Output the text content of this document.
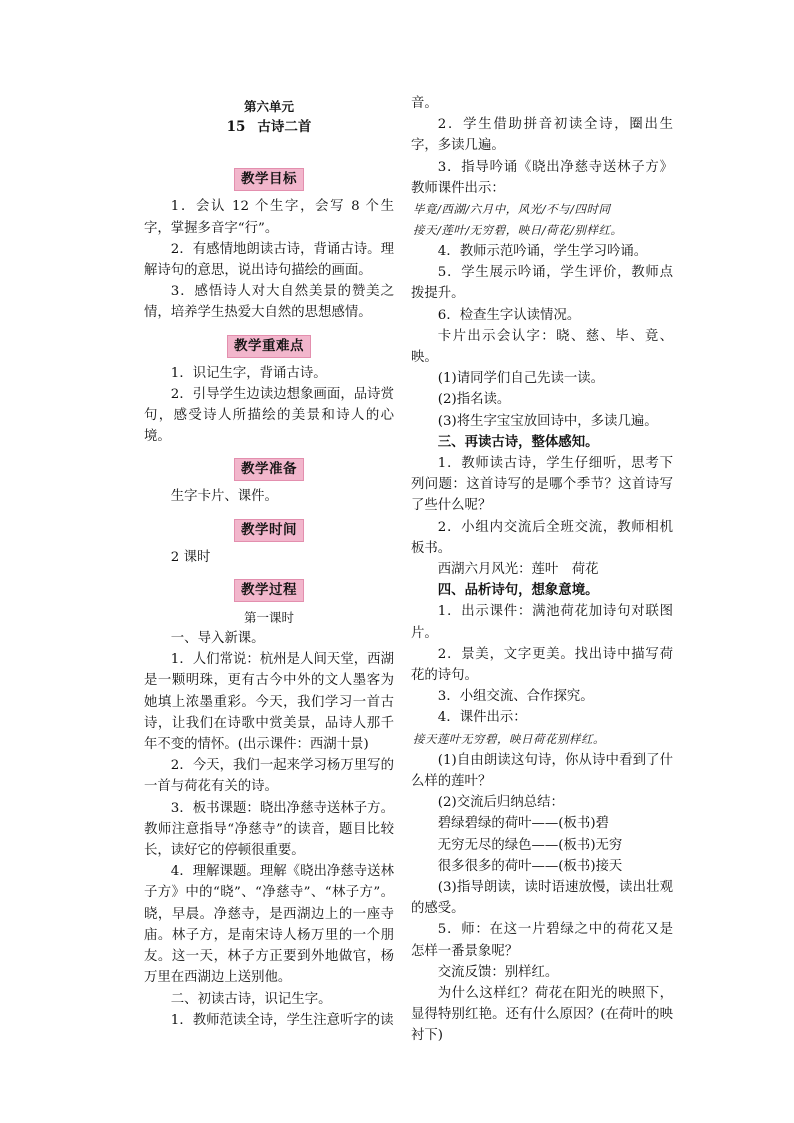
第六单元

15 古诗二首

教学目标

1．会认 12 个生字，会写 8 个生字，掌握多音字“行”。

2．有感情地朗读古诗，背诵古诗。理解诗句的意思，说出诗句描绘的画面。

3．感悟诗人对大自然美景的赞美之情，培养学生热爱大自然的思想感情。

教学重难点

1．识记生字，背诵古诗。

2．引导学生边读边想象画面，品诗赏句，感受诗人所描绘的美景和诗人的心境。

教学准备

生字卡片、课件。

教学时间

2 课时

教学过程

第一课时

一、导入新课。

1．人们常说：杭州是人间天堂，西湖是一颗明珠，更有古今中外的文人墨客为她填上浓墨重彩。今天，我们学习一首古诗，让我们在诗歌中赏美景，品诗人那千年不变的情怀。(出示课件：西湖十景)

2．今天，我们一起来学习杨万里写的一首与荷花有关的诗。

3．板书课题：晓出净慈寺送林子方。教师注意指导“净慈寺”的读音，题目比较长，读好它的停顿很重要。

4．理解课题。理解《晓出净慈寺送林子方》中的“晓”、“净慈寺”、“林子方”。晓，早晨。净慈寺，是西湖边上的一座寺庙。林子方，是南宋诗人杨万里的一个朋友。这一天，林子方正要到外地做官，杨万里在西湖边上送别他。

二、初读古诗，识记生字。

1．教师范读全诗，学生注意听字的读

音。

2．学生借助拼音初读全诗，圈出生字，多读几遍。

3．指导吟诵《晓出净慈寺送林子方》教师课件出示：

毕竟/西湖/六月中，风光/不与/四时同

接天/莲叶/无穷碧，映日/荷花/别样红。

4．教师示范吟诵，学生学习吟诵。

5．学生展示吟诵，学生评价，教师点拨提升。

6．检查生字认读情况。

卡片出示会认字：晓、慈、毕、竟、映。

(1)请同学们自己先读一读。

(2)指名读。

(3)将生字宝宝放回诗中，多读几遍。

三、再读古诗，整体感知。

1．教师读古诗，学生仔细听，思考下列问题：这首诗写的是哪个季节？这首诗写了些什么呢？

2．小组内交流后全班交流，教师相机板书。

西湖六月风光：莲叶　荷花

四、品析诗句，想象意境。

1．出示课件：满池荷花加诗句对联图片。

2．景美，文字更美。找出诗中描写荷花的诗句。

3．小组交流、合作探究。

4．课件出示：

接天莲叶无穷碧，映日荷花别样红。

(1)自由朗读这句诗，你从诗中看到了什么样的莲叶？

(2)交流后归纳总结：

碧绿碧绿的荷叶——(板书)碧

无穷无尽的绿色——(板书)无穷

很多很多的荷叶——(板书)接天

(3)指导朗读，读时语速放慢，读出壮观的感受。

5．师：在这一片碧绿之中的荷花又是怎样一番景象呢？

交流反馈：别样红。

为什么这样红？荷花在阳光的映照下，显得特别红艳。还有什么原因？(在荷叶的映衬下)
